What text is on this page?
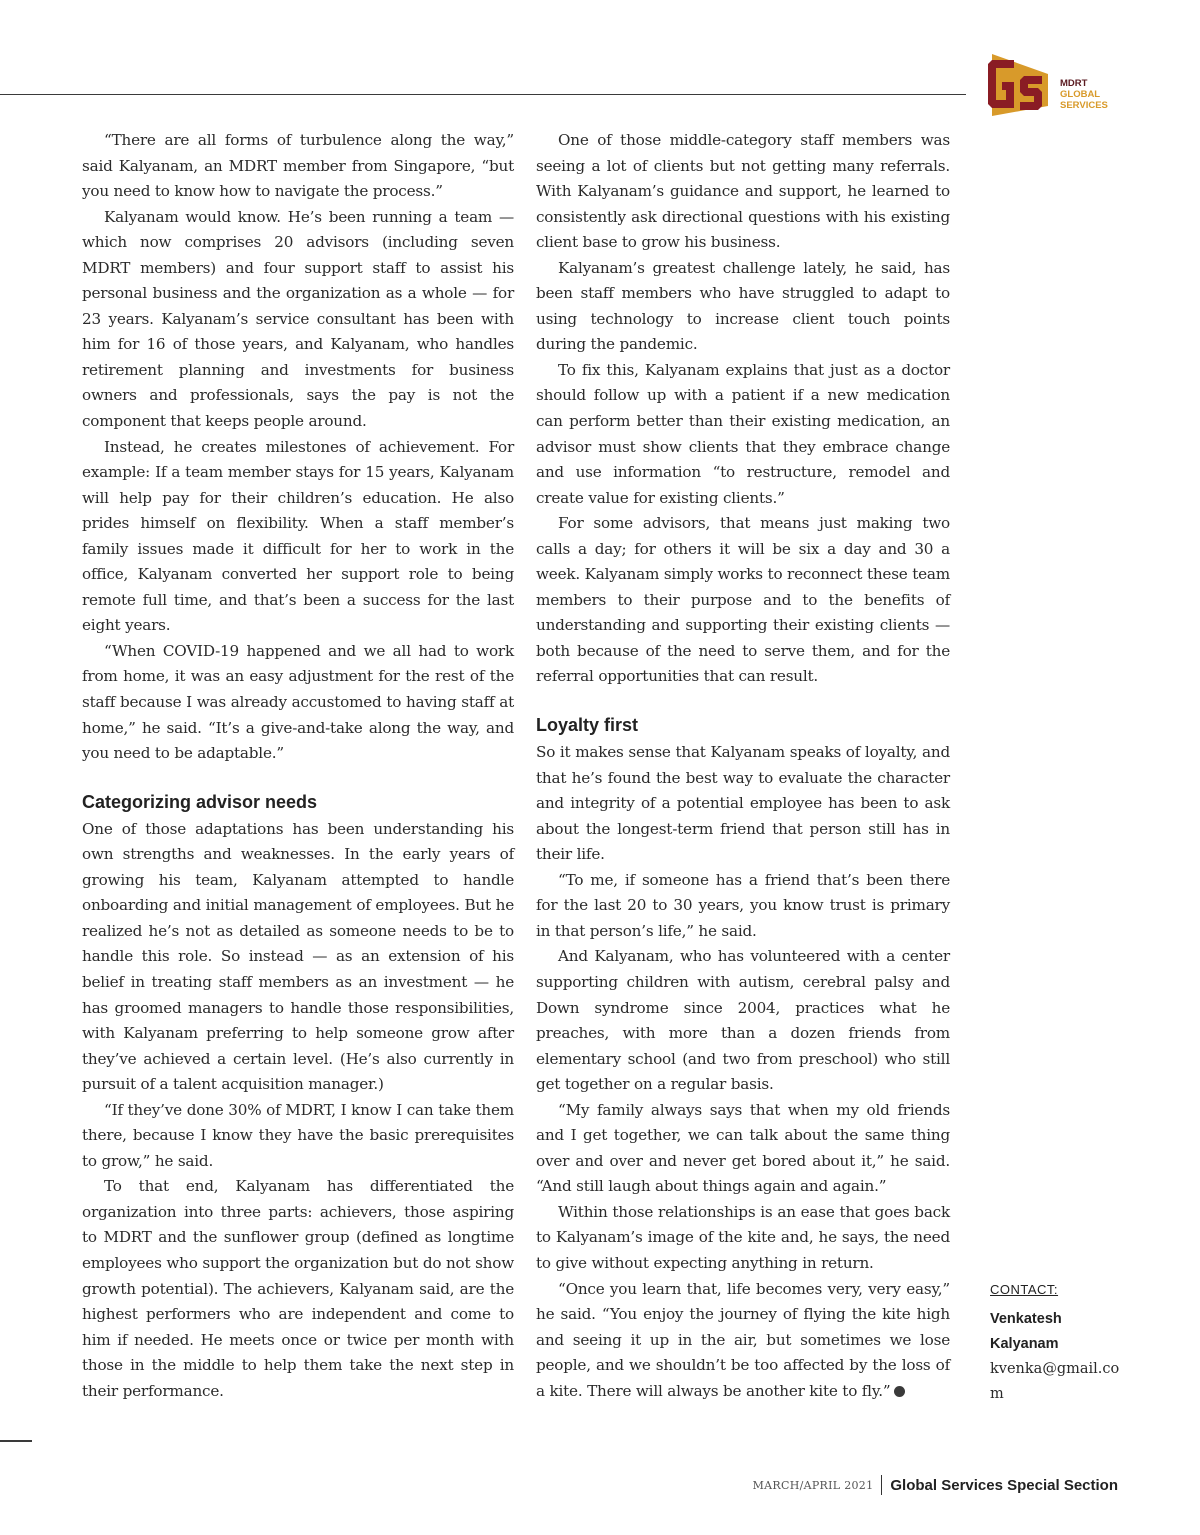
MDRT
GLOBAL
SERVICES

“There are all forms of turbulence along the way,” said Kalyanam, an MDRT member from Singapore, “but you need to know how to navigate the process.”

Kalyanam would know. He’s been running a team — which now comprises 20 advisors (including seven MDRT members) and four support staff to assist his personal business and the organization as a whole — for 23 years. Kalyanam’s service consultant has been with him for 16 of those years, and Kalyanam, who handles retirement planning and investments for business owners and professionals, says the pay is not the component that keeps people around.

Instead, he creates milestones of achievement. For example: If a team member stays for 15 years, Kalyanam will help pay for their children’s education. He also prides himself on flexibility. When a staff member’s family issues made it difficult for her to work in the office, Kalyanam converted her support role to being remote full time, and that’s been a success for the last eight years.

“When COVID-19 happened and we all had to work from home, it was an easy adjustment for the rest of the staff because I was already accustomed to having staff at home,” he said. “It’s a give-and-take along the way, and you need to be adaptable.”

Categorizing advisor needs

One of those adaptations has been understanding his own strengths and weaknesses. In the early years of growing his team, Kalyanam attempted to handle onboarding and initial management of employees. But he realized he’s not as detailed as someone needs to be to handle this role. So instead — as an extension of his belief in treating staff members as an investment — he has groomed managers to handle those responsibilities, with Kalyanam preferring to help someone grow after they’ve achieved a certain level. (He’s also currently in pursuit of a talent acquisition manager.)

“If they’ve done 30% of MDRT, I know I can take them there, because I know they have the basic prerequisites to grow,” he said.

To that end, Kalyanam has differentiated the organization into three parts: achievers, those aspiring to MDRT and the sunflower group (defined as longtime employees who support the organization but do not show growth potential). The achievers, Kalyanam said, are the highest performers who are independent and come to him if needed. He meets once or twice per month with those in the middle to help them take the next step in their performance.

One of those middle-category staff members was seeing a lot of clients but not getting many referrals. With Kalyanam’s guidance and support, he learned to consistently ask directional questions with his existing client base to grow his business.

Kalyanam’s greatest challenge lately, he said, has been staff members who have struggled to adapt to using technology to increase client touch points during the pandemic.

To fix this, Kalyanam explains that just as a doctor should follow up with a patient if a new medication can perform better than their existing medication, an advisor must show clients that they embrace change and use information “to restructure, remodel and create value for existing clients.”

For some advisors, that means just making two calls a day; for others it will be six a day and 30 a week. Kalyanam simply works to reconnect these team members to their purpose and to the benefits of understanding and supporting their existing clients — both because of the need to serve them, and for the referral opportunities that can result.

Loyalty first

So it makes sense that Kalyanam speaks of loyalty, and that he’s found the best way to evaluate the character and integrity of a potential employee has been to ask about the longest-term friend that person still has in their life.

“To me, if someone has a friend that’s been there for the last 20 to 30 years, you know trust is primary in that person’s life,” he said.

And Kalyanam, who has volunteered with a center supporting children with autism, cerebral palsy and Down syndrome since 2004, practices what he preaches, with more than a dozen friends from elementary school (and two from preschool) who still get together on a regular basis.

“My family always says that when my old friends and I get together, we can talk about the same thing over and over and never get bored about it,” he said. “And still laugh about things again and again.”

Within those relationships is an ease that goes back to Kalyanam’s image of the kite and, he says, the need to give without expecting anything in return.

“Once you learn that, life becomes very, very easy,” he said. “You enjoy the journey of flying the kite high and seeing it up in the air, but sometimes we lose people, and we shouldn’t be too affected by the loss of a kite. There will always be another kite to fly.”

CONTACT:
Venkatesh
Kalyanam
kvenka@gmail.com
MARCH/APRIL 2021 Global Services Special Section
